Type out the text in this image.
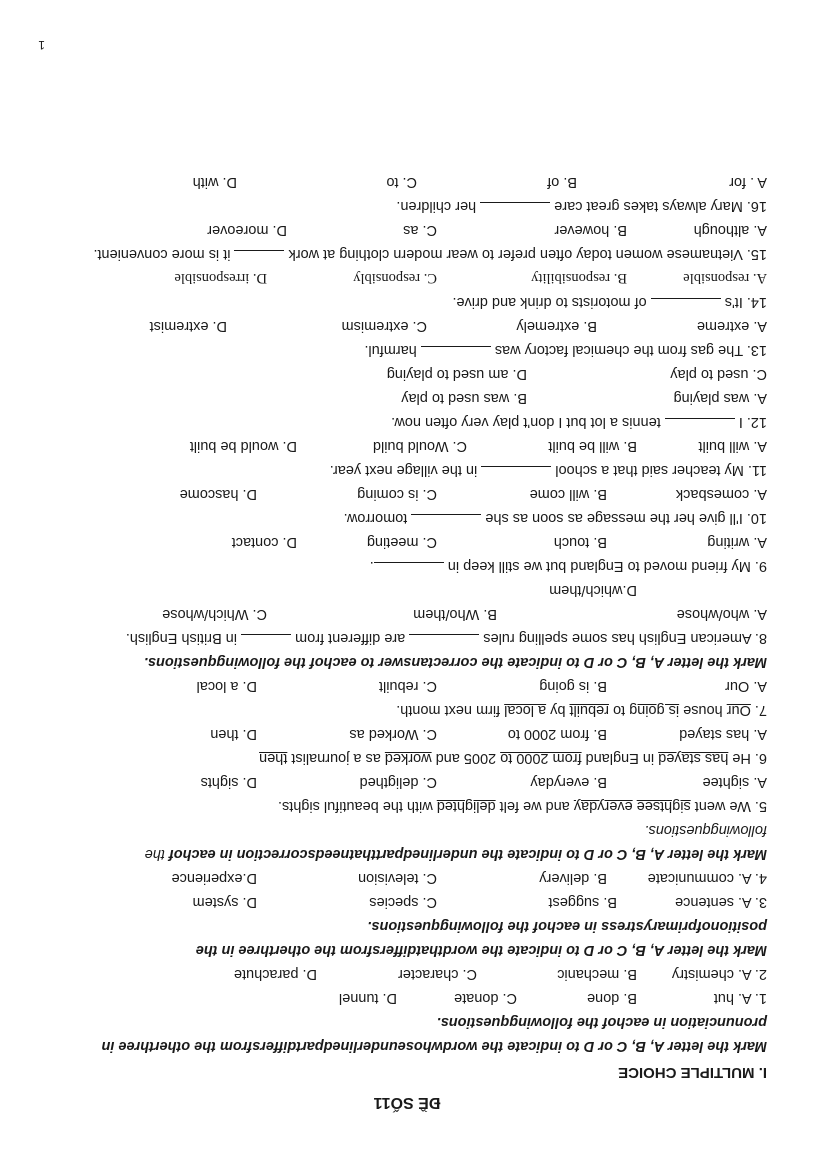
ĐỀ SỐ11
I. MULTIPLE CHOICE

Mark the letter A, B, C or D to indicate the wordwhoseunderlinedpartdiffersfrom the otherthree in pronunciation in eachof the followingquestions.

1. A. hut
B. done
C. donate
D. tunnel
2. A. chemistry
B. mechanic
C. character
D. parachute

Mark the letter A, B, C or D to indicate the wordthatdiffersfrom the otherthree in the positionofprimarystress in eachof the followingquestions.

3. A. sentence
B. suggest
C. species
D. system
4. A. communicate
B. delivery
C. television
D.experience

Mark the letter A, B, C or D to indicate the underlinedpartthatneedscorrection in eachof the followingquestions.

5. We went sightsee everyday and we felt delighted with the beautiful sights.

A. sightee
B. everyday
C. deligthed
D. sights

6. He has stayed in England from 2000 to 2005 and worked as a journalist then

A. has stayed
B. from 2000 to
C. Worked as
D. then

7. Our house is going to rebuilt by a local firm next month.

A. Our
B. is going
C. rebuilt
D. a local

Mark the letter A, B, C or D to indicate the correctanswer to eachof the followingquestions.

8. American English has some spelling rules  are different from  in British English.

A. who/whose
B. Who/them
C. Which/whose
D.which/them

9. My friend moved to England but we still keep in .

A. writing
B. touch
C. meeting
D. contact

10. I'll give her the message as soon as she  tomorrow.

A. comesback
B. will come
C. is coming
D. hascome

11. My teacher said that a school  in the village next year.

A. will built
B. will be built
C. Would build
D. would be built

12. I  tennis a lot but I don't play very often now.

A. was playing
B. was used to play
C. used to play
D. am used to playing

13. The gas from the chemical factory was  harmful.

A. extreme
B. extremely
C. extremism
D. extremist

14. It's  of motorists to drink and drive.

A. responsible
B. responsibility
C. responsibly
D. irresponsible

15. Vietnamese women today often prefer to wear modern clothing at work  it is more convenient.

A. although
B. however
C. as
D. moreover

16. Mary always takes great care  her children.

A . for
B. of
C. to
D. with
1
